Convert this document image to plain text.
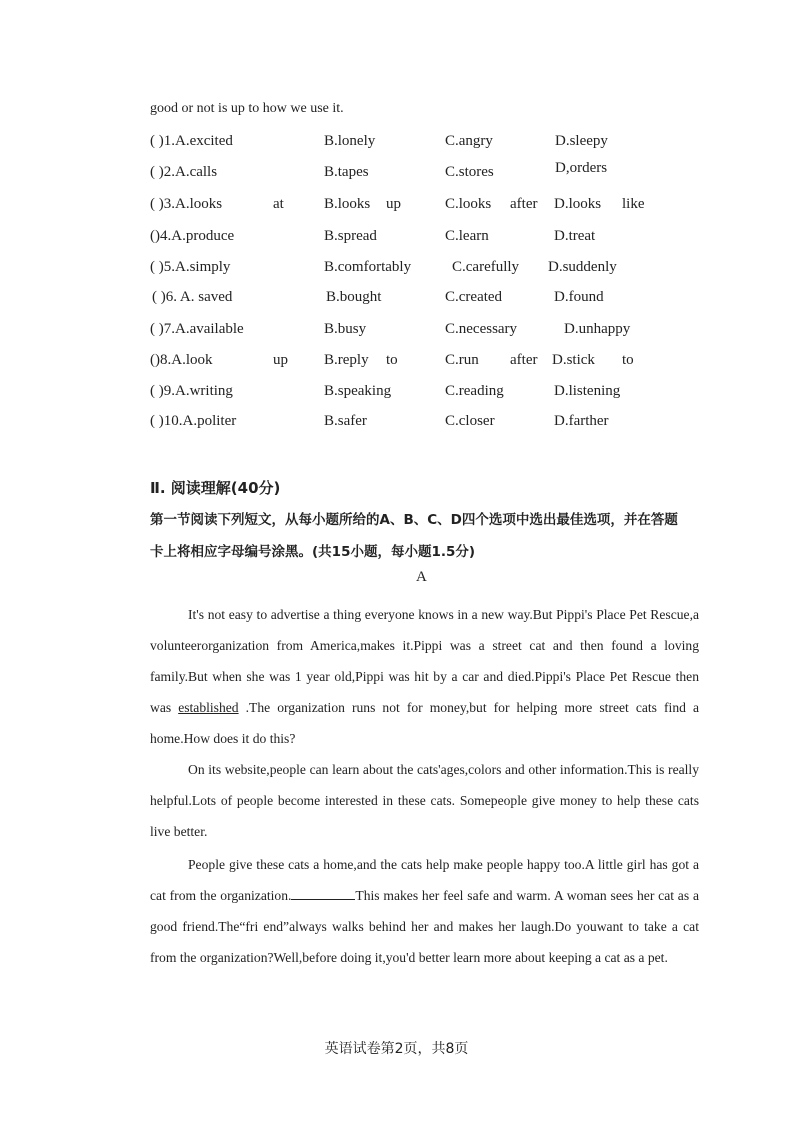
good or not is up to how we use it.
( )1.A.excited	B.lonely	C.angry	D.sleepy
( )2.A.calls	B.tapes	C.stores	D,orders
( )3.A.looks	at	B.looks up	C.looks after D.looks like
()4.A.produce	B.spread	C.learn	D.treat
( )5.A.simply	B.comfortably	C.carefully D.suddenly
( )6. A. saved	B.bought	C.created	D.found
( )7.A.available	B.busy	C.necessary	D.unhappy
()8.A.look	up B.reply to	C.run after D.stick to
( )9.A.writing	B.speaking	C.reading	D.listening
( )10.A.politer	B.safer	C.closer	D.farther
Ⅱ. 阅读理解(40分)
第一节阅读下列短文，从每小题所给的A、B、C、D四个选项中选出最佳选项，并在答题
卡上将相应字母编号涂黑。(共15小题，每小题1.5分)
A

It's not easy to advertise a thing everyone knows in a new way.But Pippi's Place Pet Rescue,a volunteerorganization from America,makes it.Pippi was a street cat and then found a loving family.But when she was 1 year old,Pippi was hit by a car and died.Pippi's Place Pet Rescue then was established .The organization runs not for money,but for helping more street cats find a home.How does it do this?

On its website,people can learn about the cats'ages,colors and other information.This is really helpful.Lots of people become interested in these cats. Somepeople give money to help these cats live better.

People give these cats a home,and the cats help make people happy too.A little girl has got a cat from the organization.	This makes her feel safe and warm. A woman sees her cat as a good friend.The“fri end”always walks behind her and makes her laugh.Do youwant to take a cat from the organization?Well,before doing it,you'd better learn more about keeping a cat as a pet.

英语试卷第2页，共8页
